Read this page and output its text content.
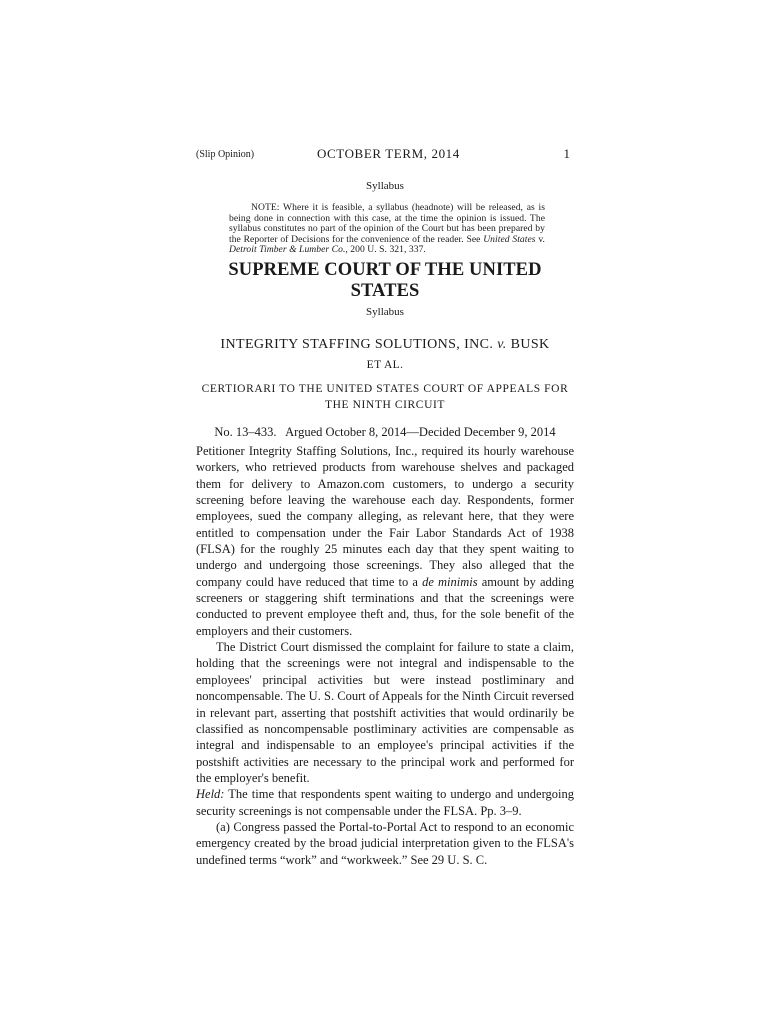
(Slip Opinion)	OCTOBER TERM, 2014	1
Syllabus
NOTE: Where it is feasible, a syllabus (headnote) will be released, as is being done in connection with this case, at the time the opinion is issued. The syllabus constitutes no part of the opinion of the Court but has been prepared by the Reporter of Decisions for the convenience of the reader. See United States v. Detroit Timber & Lumber Co., 200 U. S. 321, 337.
SUPREME COURT OF THE UNITED STATES
Syllabus
INTEGRITY STAFFING SOLUTIONS, INC. v. BUSK
ET AL.
CERTIORARI TO THE UNITED STATES COURT OF APPEALS FOR
THE NINTH CIRCUIT
No. 13–433.   Argued October 8, 2014—Decided December 9, 2014

Petitioner Integrity Staffing Solutions, Inc., required its hourly warehouse workers, who retrieved products from warehouse shelves and packaged them for delivery to Amazon.com customers, to undergo a security screening before leaving the warehouse each day. Respondents, former employees, sued the company alleging, as relevant here, that they were entitled to compensation under the Fair Labor Standards Act of 1938 (FLSA) for the roughly 25 minutes each day that they spent waiting to undergo and undergoing those screenings. They also alleged that the company could have reduced that time to a de minimis amount by adding screeners or staggering shift terminations and that the screenings were conducted to prevent employee theft and, thus, for the sole benefit of the employers and their customers.

The District Court dismissed the complaint for failure to state a claim, holding that the screenings were not integral and indispensable to the employees' principal activities but were instead postliminary and noncompensable. The U. S. Court of Appeals for the Ninth Circuit reversed in relevant part, asserting that postshift activities that would ordinarily be classified as noncompensable postliminary activities are compensable as integral and indispensable to an employee's principal activities if the postshift activities are necessary to the principal work and performed for the employer's benefit.

Held: The time that respondents spent waiting to undergo and undergoing security screenings is not compensable under the FLSA. Pp. 3–9.

(a) Congress passed the Portal-to-Portal Act to respond to an economic emergency created by the broad judicial interpretation given to the FLSA's undefined terms “work” and “workweek.” See 29 U. S. C.
